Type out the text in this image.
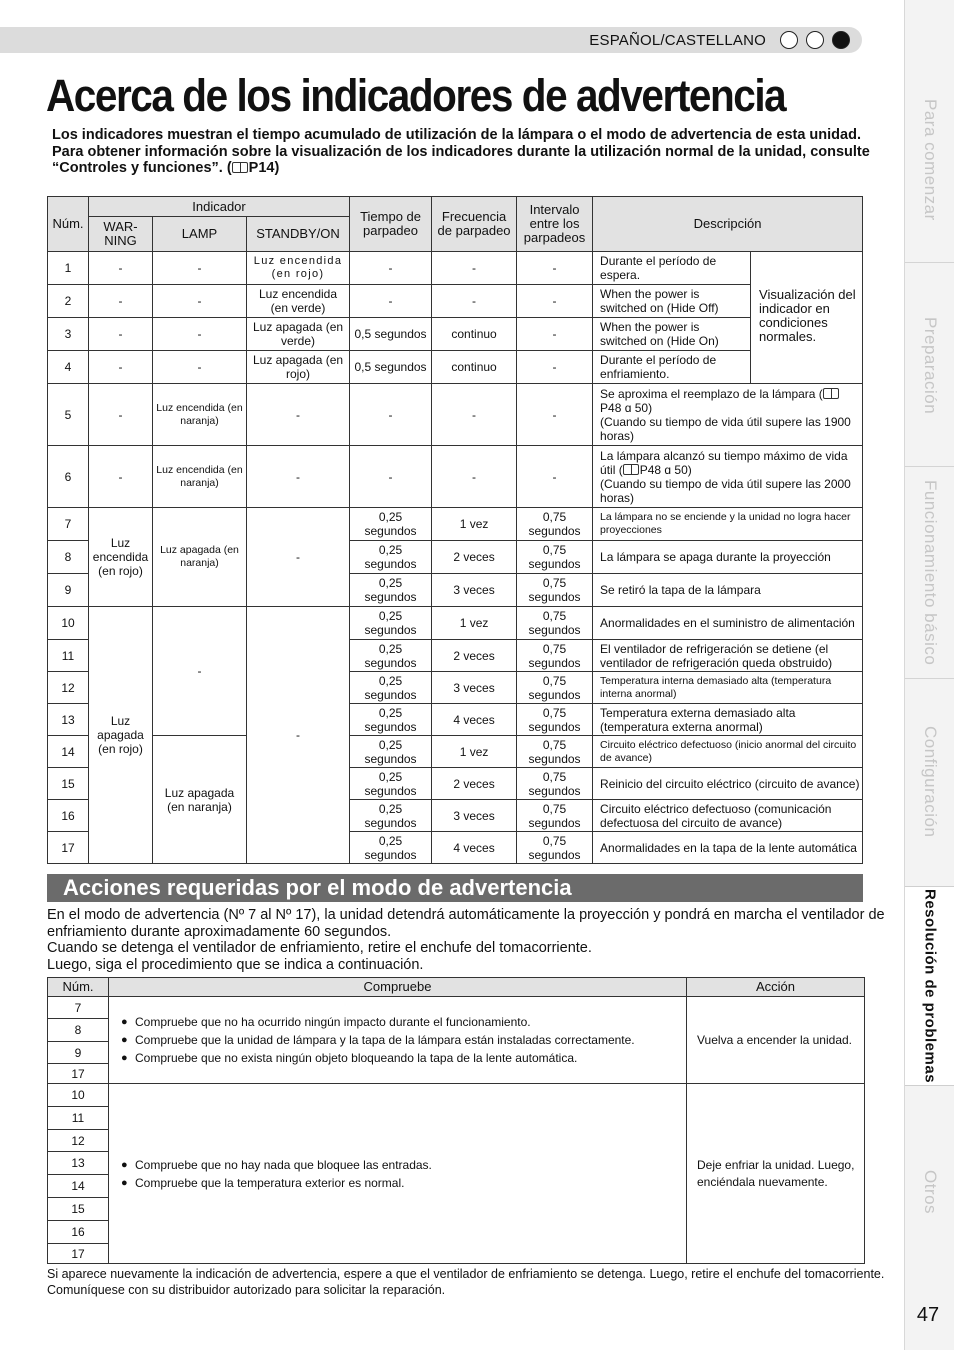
ESPAÑOL/CASTELLANO
Para comenzar
Preparación
Funcionamiento básico
Configuración
Resolución de problemas
Otros
47
Acerca de los indicadores de advertencia
Los indicadores muestran el tiempo acumulado de utilización de la lámpara o el modo de advertencia de esta unidad.
Para obtener información sobre la visualización de los indicadores durante la utilización normal de la unidad, consulte “Controles y funciones”. ( P14)
Núm.	Indicador			Tiempo de parpadeo	Frecuencia de parpadeo	Intervalo entre los parpadeos	Descripción	
	WAR-NING	LAMP	STANDBY/ON					
1	-	-	Luz encendida (en rojo)	-	-	-	Durante el período de espera.	Visualización del indicador en condiciones normales.
2	-	-	Luz encendida (en verde)	-	-	-	When the power is switched on (Hide Off)	
3	-	-	Luz apagada (en verde)	0,5 segundos	continuo	-	When the power is switched on (Hide On)	
4	-	-	Luz apagada (en rojo)	0,5 segundos	continuo	-	Durante el período de enfriamiento.	
5	-	Luz encendida (en naranja)	-	-	-	-	Se aproxima el reemplazo de la lámpara (P48 ɑ 50)
(Cuando su tiempo de vida útil supere las 1900 horas)	
6	-	Luz encendida (en naranja)	-	-	-	-	La lámpara alcanzó su tiempo máximo de vida útil ( P48 ɑ 50)
(Cuando su tiempo de vida útil supere las 2000 horas)	
7	Luz encendida (en rojo)	Luz apagada (en naranja)	-	0,25 segundos	1 vez	0,75 segundos	La lámpara no se enciende y la unidad no logra hacer proyecciones	
8				0,25 segundos	2 veces	0,75 segundos	La lámpara se apaga durante la proyección	
9				0,25 segundos	3 veces	0,75 segundos	Se retiró la tapa de la lámpara	
10	Luz apagada (en rojo)	-	-	0,25 segundos	1 vez	0,75 segundos	Anormalidades en el suministro de alimentación	
11				0,25 segundos	2 veces	0,75 segundos	El ventilador de refrigeración se detiene (el ventilador de refrigeración queda obstruido)	
12				0,25 segundos	3 veces	0,75 segundos	Temperatura interna demasiado alta (temperatura interna anormal)	
13				0,25 segundos	4 veces	0,75 segundos	Temperatura externa demasiado alta (temperatura externa anormal)	
14		Luz apagada (en naranja)		0,25 segundos	1 vez	0,75 segundos	Circuito eléctrico defectuoso (inicio anormal del circuito de avance)	
15				0,25 segundos	2 veces	0,75 segundos	Reinicio del circuito eléctrico (circuito de avance)	
16				0,25 segundos	3 veces	0,75 segundos	Circuito eléctrico defectuoso (comunicación defectuosa del circuito de avance)	
17				0,25 segundos	4 veces	0,75 segundos	Anormalidades en la tapa de la lente automática	
Acciones requeridas por el modo de advertencia
En el modo de advertencia (Nº 7 al Nº 17), la unidad detendrá automáticamente la proyección y pondrá en marcha el ventilador de enfriamiento durante aproximadamente 60 segundos.
Cuando se detenga el ventilador de enfriamiento, retire el enchufe del tomacorriente.
Luego, siga el procedimiento que se indica a continuación.
Núm.	Compruebe	Acción
7	● Compruebe que no ha ocurrido ningún impacto durante el funcionamiento.
● Compruebe que la unidad de lámpara y la tapa de la lámpara están instaladas correctamente.
● Compruebe que no exista ningún objeto bloqueando la tapa de la lente automática.	Vuelva a encender la unidad.
8		
9		
17		
10	● Compruebe que no hay nada que bloquee las entradas.
● Compruebe que la temperatura exterior es normal.	Deje enfriar la unidad. Luego, enciéndala nuevamente.
11		
12		
13		
14		
15		
16		
17		
Si aparece nuevamente la indicación de advertencia, espere a que el ventilador de enfriamiento se detenga. Luego, retire el enchufe del tomacorriente.
Comuníquese con su distribuidor autorizado para solicitar la reparación.
